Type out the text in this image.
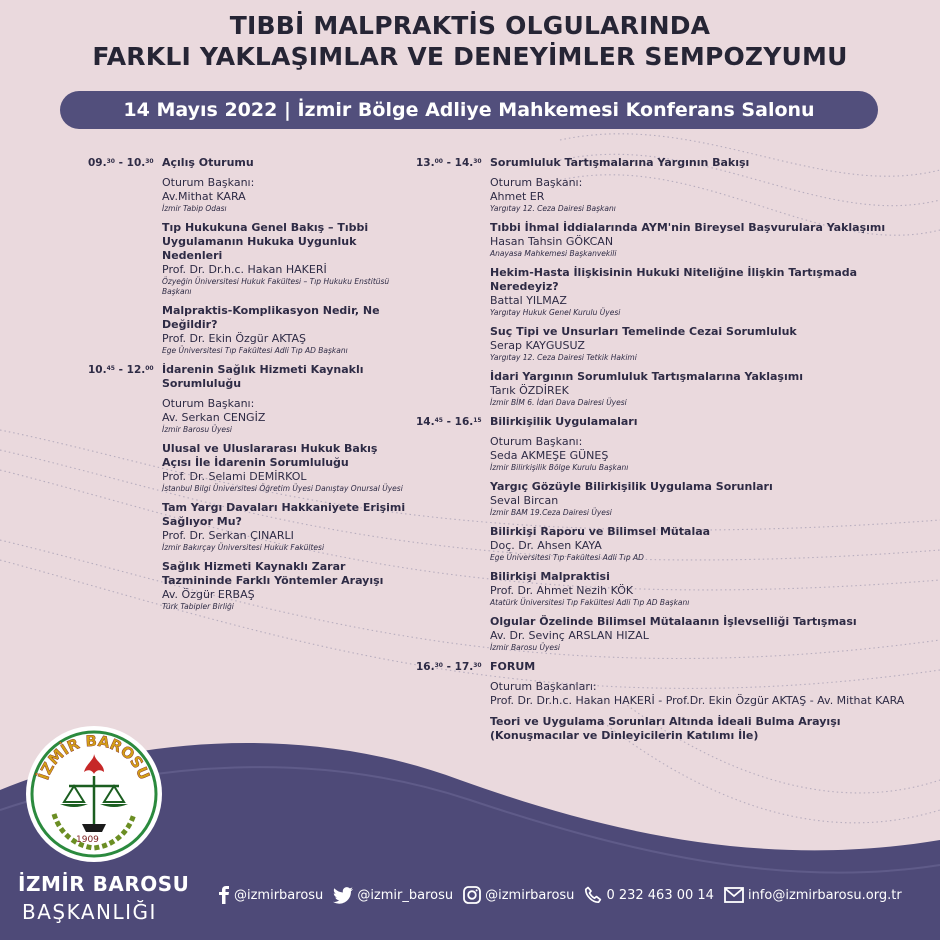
TIBBİ MALPRAKTİS OLGULARINDA
FARKLI YAKLAŞIMLAR VE DENEYİMLER SEMPOZYUMU
14 Mayıs 2022 | İzmir Bölge Adliye Mahkemesi Konferans Salonu
09.30 - 10.30 Açılış Oturumu
Oturum Başkanı:
Av.Mithat KARA
İzmir Tabip Odası
Tıp Hukukuna Genel Bakış – Tıbbi Uygulamanın Hukuka Uygunluk Nedenleri
Prof. Dr. Dr.h.c. Hakan HAKERİ
Özyeğin Üniversitesi Hukuk Fakültesi – Tıp Hukuku Enstitüsü Başkanı
Malpraktis-Komplikasyon Nedir, Ne Değildir?
Prof. Dr. Ekin Özgür AKTAŞ
Ege Üniversitesi Tıp Fakültesi Adli Tıp AD Başkanı
10.45 - 12.00 İdarenin Sağlık Hizmeti Kaynaklı Sorumluluğu
Oturum Başkanı:
Av. Serkan CENGİZ
İzmir Barosu Üyesi
Ulusal ve Uluslararası Hukuk Bakış Açısı İle İdarenin Sorumluluğu
Prof. Dr. Selami DEMİRKOL
İstanbul Bilgi Üniversitesi Öğretim Üyesi Danıştay Onursal Üyesi
Tam Yargı Davaları Hakkaniyete Erişimi Sağlıyor Mu?
Prof. Dr. Serkan ÇINARLI
İzmir Bakırçay Üniversitesi Hukuk Fakültesi
Sağlık Hizmeti Kaynaklı Zarar Tazmininde Farklı Yöntemler Arayışı
Av. Özgür ERBAŞ
Türk Tabipler Birliği
13.00 - 14.30 Sorumluluk Tartışmalarına Yargının Bakışı
Oturum Başkanı:
Ahmet ER
Yargıtay 12. Ceza Dairesi Başkanı
Tıbbi İhmal İddialarında AYM'nin Bireysel Başvurulara Yaklaşımı
Hasan Tahsin GÖKCAN
Anayasa Mahkemesi Başkanvekili
Hekim-Hasta İlişkisinin Hukuki Niteliğine İlişkin Tartışmada Neredeyiz?
Battal YILMAZ
Yargıtay Hukuk Genel Kurulu Üyesi
Suç Tipi ve Unsurları Temelinde Cezai Sorumluluk
Serap KAYGUSUZ
Yargıtay 12. Ceza Dairesi Tetkik Hakimi
İdari Yargının Sorumluluk Tartışmalarına Yaklaşımı
Tarık ÖZDİREK
İzmir BİM 6. İdari Dava Dairesi Üyesi
14.45 - 16.15 Bilirkişilik Uygulamaları
Oturum Başkanı:
Seda AKMEŞE GÜNEŞ
İzmir Bilirkişilik Bölge Kurulu Başkanı
Yargıç Gözüyle Bilirkişilik Uygulama Sorunları
Seval Bircan
İzmir BAM 19.Ceza Dairesi Üyesi
Bilirkişi Raporu ve Bilimsel Mütalaa
Doç. Dr. Ahsen KAYA
Ege Üniversitesi Tıp Fakültesi Adli Tıp AD
Bilirkişi Malpraktisi
Prof. Dr. Ahmet Nezih KÖK
Atatürk Üniversitesi Tıp Fakültesi Adli Tıp AD Başkanı
Olgular Özelinde Bilimsel Mütalaanın İşlevselliği Tartışması
Av. Dr. Sevinç ARSLAN HIZAL
İzmir Barosu Üyesi
16.30 - 17.30 FORUM
Oturum Başkanları:
Prof. Dr. Dr.h.c. Hakan HAKERİ - Prof.Dr. Ekin Özgür AKTAŞ - Av. Mithat KARA
Teori ve Uygulama Sorunları Altında İdeali Bulma Arayışı (Konuşmacılar ve Dinleyicilerin Katılımı İle)
İZMİR BAROSU
1909
İZMİR BAROSU
BAŞKANLIĞI
@izmirbarosu	@izmir_barosu @izmirbarosu 0 232 463 00 14	info@izmirbarosu.org.tr
